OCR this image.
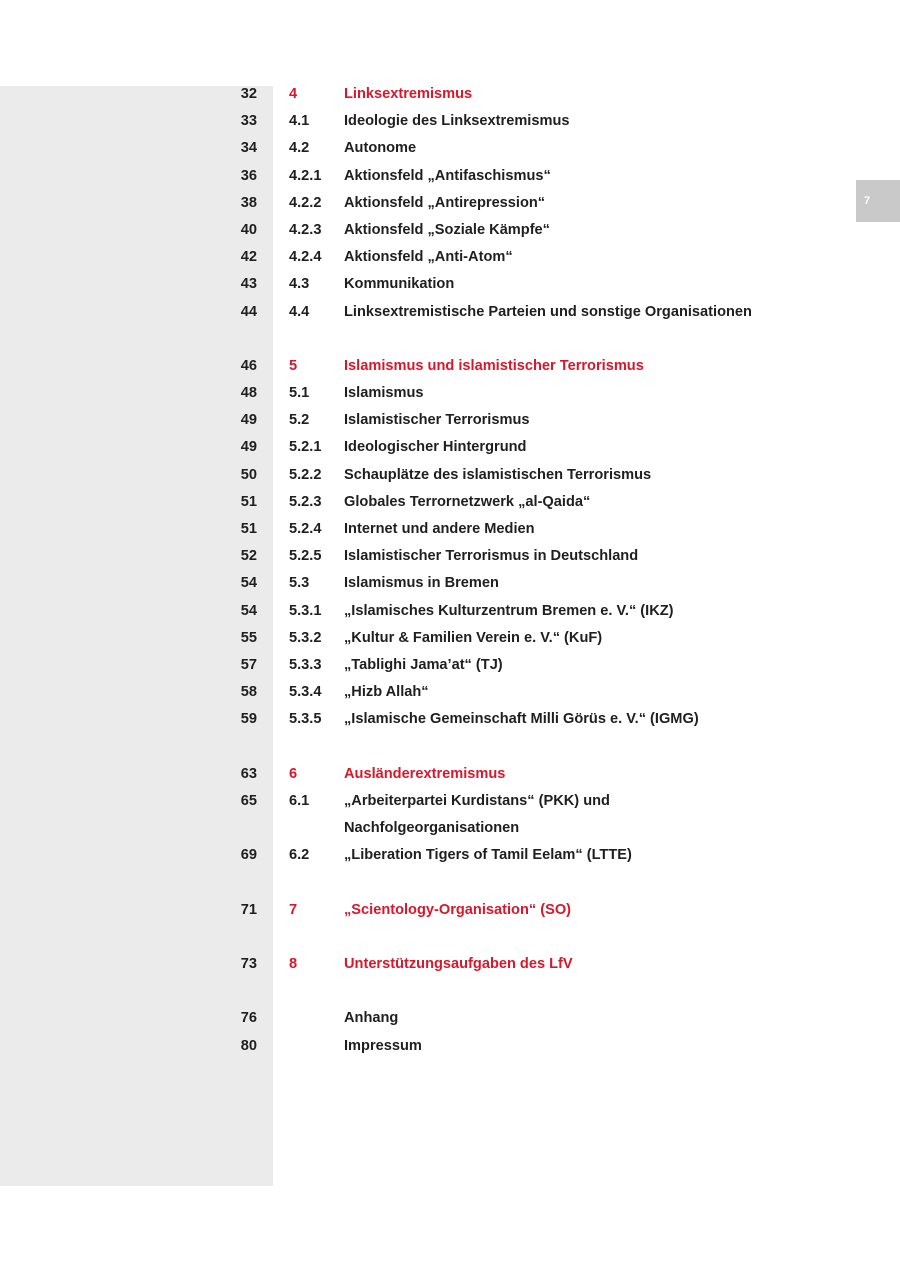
7
32 4	Linksextremismus
33 4.1 Ideologie des Linksextremismus
34 4.2 Autonome
36 4.2.1 Aktionsfeld „Antifaschismus“
38 4.2.2 Aktionsfeld „Antirepression“
40 4.2.3 Aktionsfeld „Soziale Kämpfe“
42 4.2.4 Aktionsfeld „Anti-Atom“
43 4.3 Kommunikation
44 4.4 Linksextremistische Parteien und sonstige Organisationen
46 5	Islamismus und islamistischer Terrorismus
48 5.1 Islamismus
49 5.2 Islamistischer Terrorismus
49 5.2.1 Ideologischer Hintergrund
50 5.2.2 Schauplätze des islamistischen Terrorismus
51 5.2.3 Globales Terrornetzwerk „al-Qaida“
51 5.2.4 Internet und andere Medien
52 5.2.5 Islamistischer Terrorismus in Deutschland
54 5.3 Islamismus in Bremen
54 5.3.1 „Islamisches Kulturzentrum Bremen e. V.“ (IKZ)
55 5.3.2 „Kultur & Familien Verein e. V.“ (KuF)
57 5.3.3 „Tablighi Jama’at“ (TJ)
58 5.3.4 „Hizb Allah“
59 5.3.5 „Islamische Gemeinschaft Milli Görüs e. V.“ (IGMG)
63 6	Ausländerextremismus
65 6.1 „Arbeiterpartei Kurdistans“ (PKK) und
Nachfolgeorganisationen
69 6.2 „Liberation Tigers of Tamil Eelam“ (LTTE)
71 7	„Scientology-Organisation“ (SO)
73 8	Unterstützungsaufgaben des LfV
76	Anhang
80	Impressum
